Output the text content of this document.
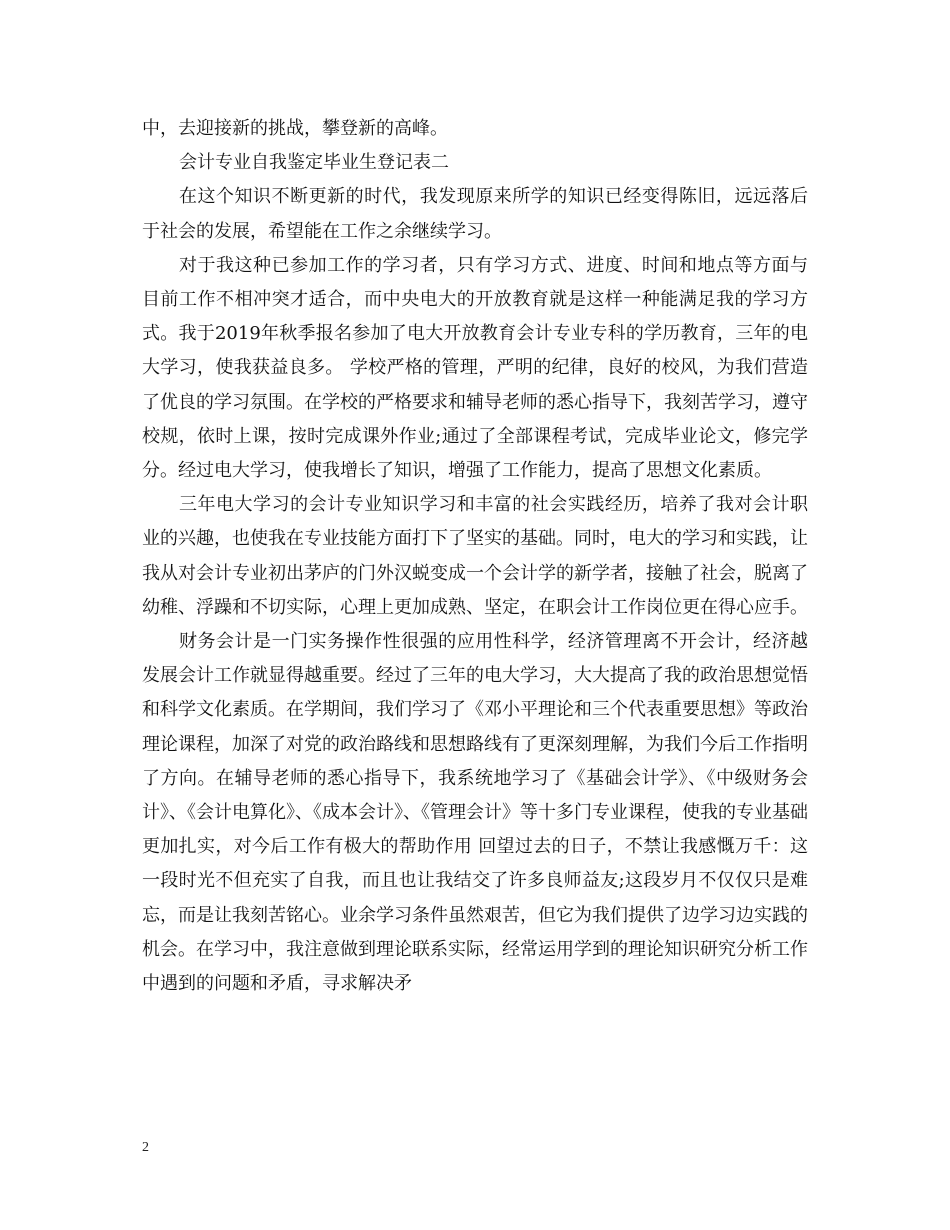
中，去迎接新的挑战，攀登新的高峰。

会计专业自我鉴定毕业生登记表二

在这个知识不断更新的时代，我发现原来所学的知识已经变得陈旧，远远落后于社会的发展，希望能在工作之余继续学习。

对于我这种已参加工作的学习者，只有学习方式、进度、时间和地点等方面与目前工作不相冲突才适合，而中央电大的开放教育就是这样一种能满足我的学习方式。我于2019年秋季报名参加了电大开放教育会计专业专科的学历教育，三年的电大学习，使我获益良多。 学校严格的管理，严明的纪律，良好的校风，为我们营造了优良的学习氛围。在学校的严格要求和辅导老师的悉心指导下，我刻苦学习，遵守校规，依时上课，按时完成课外作业;通过了全部课程考试，完成毕业论文，修完学分。经过电大学习，使我增长了知识，增强了工作能力，提高了思想文化素质。

三年电大学习的会计专业知识学习和丰富的社会实践经历，培养了我对会计职业的兴趣，也使我在专业技能方面打下了坚实的基础。同时，电大的学习和实践，让我从对会计专业初出茅庐的门外汉蜕变成一个会计学的新学者，接触了社会，脱离了幼稚、浮躁和不切实际，心理上更加成熟、坚定，在职会计工作岗位更在得心应手。

财务会计是一门实务操作性很强的应用性科学，经济管理离不开会计，经济越发展会计工作就显得越重要。经过了三年的电大学习，大大提高了我的政治思想觉悟和科学文化素质。在学期间，我们学习了《邓小平理论和三个代表重要思想》等政治理论课程，加深了对党的政治路线和思想路线有了更深刻理解，为我们今后工作指明了方向。在辅导老师的悉心指导下，我系统地学习了《基础会计学》、《中级财务会计》、《会计电算化》、《成本会计》、《管理会计》等十多门专业课程，使我的专业基础更加扎实，对今后工作有极大的帮助作用 回望过去的日子，不禁让我感慨万千：这一段时光不但充实了自我，而且也让我结交了许多良师益友;这段岁月不仅仅只是难忘，而是让我刻苦铭心。业余学习条件虽然艰苦，但它为我们提供了边学习边实践的机会。在学习中，我注意做到理论联系实际，经常运用学到的理论知识研究分析工作中遇到的问题和矛盾，寻求解决矛

2
